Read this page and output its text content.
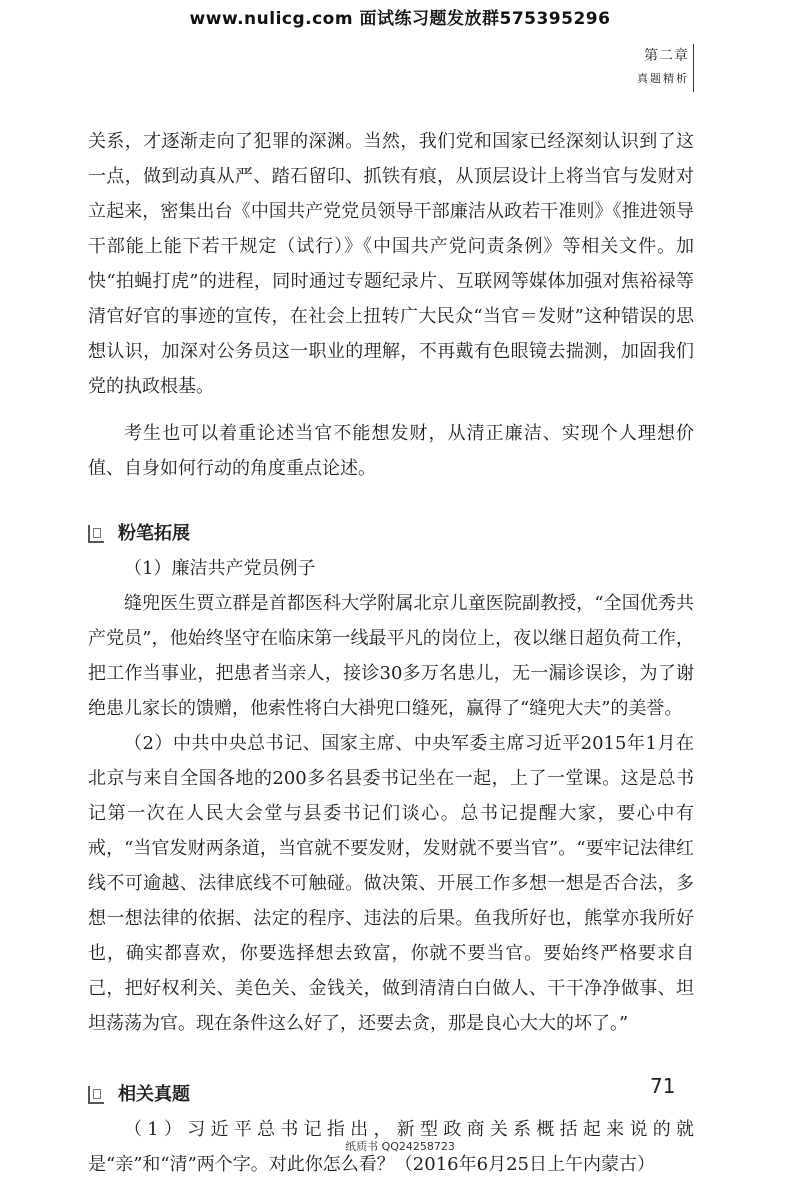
www.nulicg.com 面试练习题发放群575395296
第二章
真题精析

关系，才逐渐走向了犯罪的深渊。当然，我们党和国家已经深刻认识到了这一点，做到动真从严、踏石留印、抓铁有痕，从顶层设计上将当官与发财对立起来，密集出台《中国共产党党员领导干部廉洁从政若干准则》《推进领导干部能上能下若干规定（试行）》《中国共产党问责条例》等相关文件。加快“拍蝇打虎”的进程，同时通过专题纪录片、互联网等媒体加强对焦裕禄等清官好官的事迹的宣传，在社会上扭转广大民众“当官＝发财”这种错误的思想认识，加深对公务员这一职业的理解，不再戴有色眼镜去揣测，加固我们党的执政根基。

考生也可以着重论述当官不能想发财，从清正廉洁、实现个人理想价值、自身如何行动的角度重点论述。

粉笔拓展

（1）廉洁共产党员例子

缝兜医生贾立群是首都医科大学附属北京儿童医院副教授，“全国优秀共产党员”，他始终坚守在临床第一线最平凡的岗位上，夜以继日超负荷工作，把工作当事业，把患者当亲人，接诊30多万名患儿，无一漏诊误诊，为了谢绝患儿家长的馈赠，他索性将白大褂兜口缝死，赢得了“缝兜大夫”的美誉。

（2）中共中央总书记、国家主席、中央军委主席习近平2015年1月在北京与来自全国各地的200多名县委书记坐在一起，上了一堂课。这是总书记第一次在人民大会堂与县委书记们谈心。总书记提醒大家，要心中有戒，“当官发财两条道，当官就不要发财，发财就不要当官”。“要牢记法律红线不可逾越、法律底线不可触碰。做决策、开展工作多想一想是否合法，多想一想法律的依据、法定的程序、违法的后果。鱼我所好也，熊掌亦我所好也，确实都喜欢，你要选择想去致富，你就不要当官。要始终严格要求自己，把好权利关、美色关、金钱关，做到清清白白做人、干干净净做事、坦坦荡荡为官。现在条件这么好了，还要去贪，那是良心大大的坏了。”

相关真题

（1）习近平总书记指出，新型政商关系概括起来说的就是“亲”和“清”两个字。对此你怎么看？（2016年6月25日上午内蒙古）

71
纸质书 QQ24258723
